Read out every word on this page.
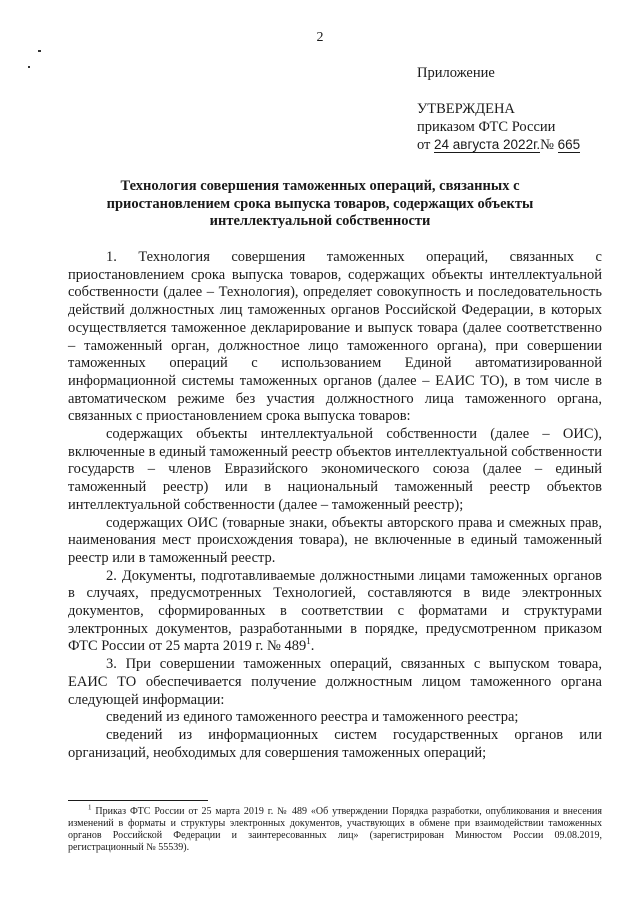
2
Приложение
УТВЕРЖДЕНА
приказом ФТС России
от 24 августа 2022г.№ 665
Технология совершения таможенных операций, связанных с приостановлением срока выпуска товаров, содержащих объекты интеллектуальной собственности

1. Технология совершения таможенных операций, связанных с приостановлением срока выпуска товаров, содержащих объекты интеллектуальной собственности (далее – Технология), определяет совокупность и последовательность действий должностных лиц таможенных органов Российской Федерации, в которых осуществляется таможенное декларирование и выпуск товара (далее соответственно – таможенный орган, должностное лицо таможенного органа), при совершении таможенных операций с использованием Единой автоматизированной информационной системы таможенных органов (далее – ЕАИС ТО), в том числе в автоматическом режиме без участия должностного лица таможенного органа, связанных с приостановлением срока выпуска товаров:

содержащих объекты интеллектуальной собственности (далее – ОИС), включенные в единый таможенный реестр объектов интеллектуальной собственности государств – членов Евразийского экономического союза (далее – единый таможенный реестр) или в национальный таможенный реестр объектов интеллектуальной собственности (далее – таможенный реестр);

содержащих ОИС (товарные знаки, объекты авторского права и смежных прав, наименования мест происхождения товара), не включенные в единый таможенный реестр или в таможенный реестр.

2. Документы, подготавливаемые должностными лицами таможенных органов в случаях, предусмотренных Технологией, составляются в виде электронных документов, сформированных в соответствии с форматами и структурами электронных документов, разработанными в порядке, предусмотренном приказом ФТС России от 25 марта 2019 г. № $489^1$.

3. При совершении таможенных операций, связанных с выпуском товара, ЕАИС ТО обеспечивается получение должностным лицом таможенного органа следующей информации:

сведений из единого таможенного реестра и таможенного реестра;

сведений из информационных систем государственных органов или организаций, необходимых для совершения таможенных операций;

$^1$ Приказ ФТС России от 25 марта 2019 г. № 489 «Об утверждении Порядка разработки, опубликования и внесения изменений в форматы и структуры электронных документов, участвующих в обмене при взаимодействии таможенных органов Российской Федерации и заинтересованных лиц» (зарегистрирован Минюстом России 09.08.2019, регистрационный № 55539).
